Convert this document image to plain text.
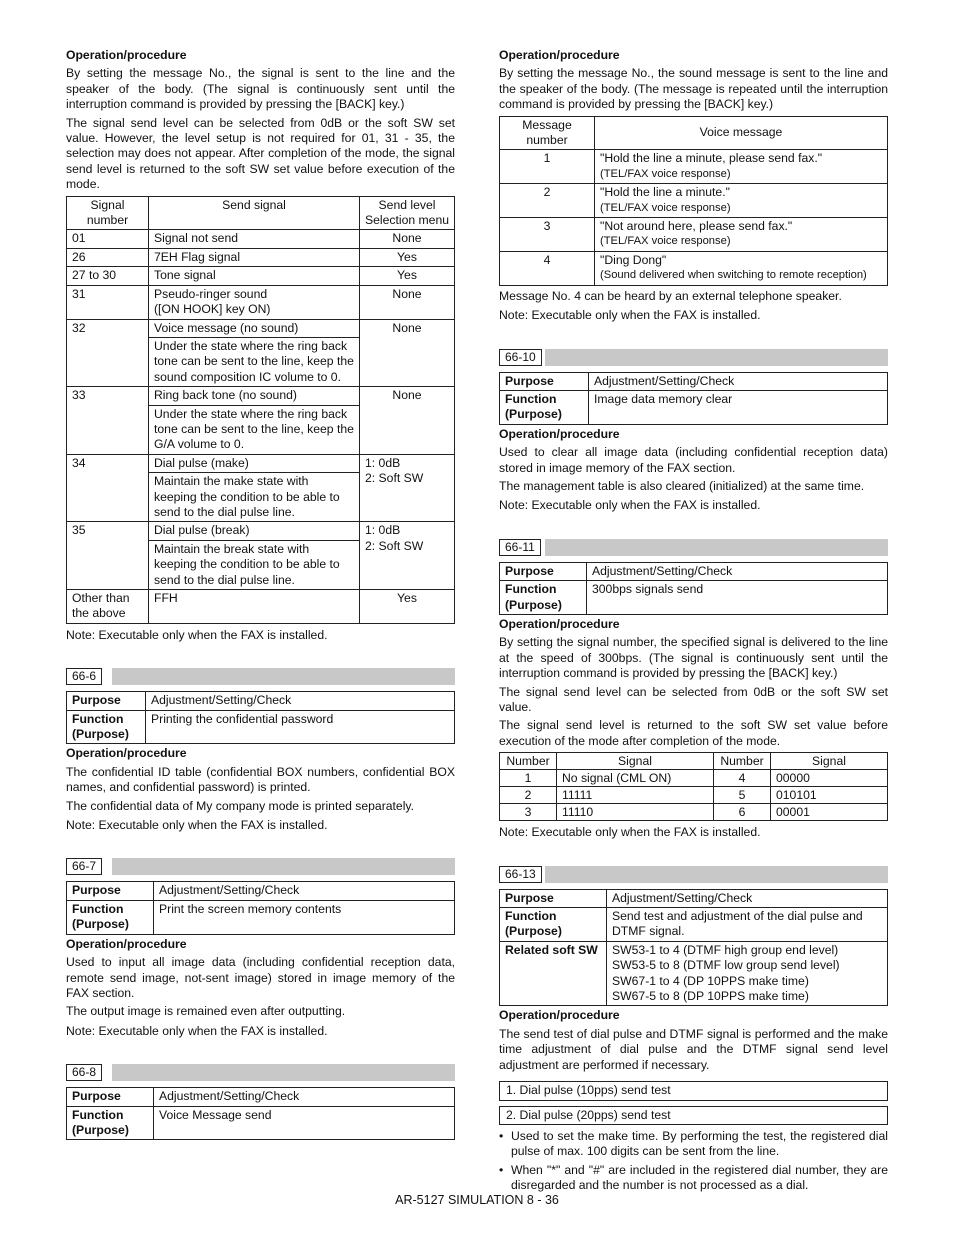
Operation/procedure

By setting the message No., the signal is sent to the line and the speaker of the body. (The signal is continuously sent until the interruption command is provided by pressing the [BACK] key.)

The signal send level can be selected from 0dB or the soft SW set value. However, the level setup is not required for 01, 31 - 35, the selection may does not appear. After completion of the mode, the signal send level is returned to the soft SW set value before execution of the mode.

Signal number	Send signal	Send level Selection menu
01	Signal not send	None
26	7EH Flag signal	Yes
27 to 30	Tone signal	Yes
31	Pseudo-ringer sound
([ON HOOK] key ON)	None
32	Voice message (no sound)	None
	Under the state where the ring back tone can be sent to the line, keep the sound composition IC volume to 0.	
33	Ring back tone (no sound)	None
	Under the state where the ring back tone can be sent to the line, keep the G/A volume to 0.	
34	Dial pulse (make)	1: 0dB
2: Soft SW

	Maintain the make state with keeping the condition to be able to send to the dial pulse line.	
35	Dial pulse (break)	1: 0dB
2: Soft SW

	Maintain the break state with keeping the condition to be able to send to the dial pulse line.	
Other than the above	FFH	Yes
Note: Executable only when the FAX is installed.
66-6
Purpose	Adjustment/Setting/Check

Function
(Purpose)	Printing the confidential password
Operation/procedure

The confidential ID table (confidential BOX numbers, confidential BOX names, and confidential password) is printed.

The confidential data of My company mode is printed separately.

Note: Executable only when the FAX is installed.
66-7
Purpose	Adjustment/Setting/Check

Function
(Purpose)	Print the screen memory contents
Operation/procedure

Used to input all image data (including confidential reception data, remote send image, not-sent image) stored in image memory of the FAX section.

The output image is remained even after outputting.

Note: Executable only when the FAX is installed.
66-8
Purpose	Adjustment/Setting/Check

Function
(Purpose)	Voice Message send
Operation/procedure

By setting the message No., the sound message is sent to the line and the speaker of the body. (The message is repeated until the interruption command is provided by pressing the [BACK] key.)

Message number	Voice message
1	"Hold the line a minute, please send fax."
(TEL/FAX voice response)

2	"Hold the line a minute."
(TEL/FAX voice response)

3	"Not around here, please send fax."
(TEL/FAX voice response)

4	"Ding Dong"
(Sound delivered when switching to remote reception)

Message No. 4 can be heard by an external telephone speaker.

Note: Executable only when the FAX is installed.
66-10
Purpose	Adjustment/Setting/Check

Function
(Purpose)	Image data memory clear
Operation/procedure

Used to clear all image data (including confidential reception data) stored in image memory of the FAX section.

The management table is also cleared (initialized) at the same time.

Note: Executable only when the FAX is installed.
66-11
Purpose	Adjustment/Setting/Check

Function
(Purpose)	300bps signals send
Operation/procedure

By setting the signal number, the specified signal is delivered to the line at the speed of 300bps. (The signal is continuously sent until the interruption command is provided by pressing the [BACK] key.)

The signal send level can be selected from 0dB or the soft SW set value.

The signal send level is returned to the soft SW set value before execution of the mode after completion of the mode.

Number	Signal	Number	Signal
1	No signal (CML ON)	4	00000
2	11111	5	010101
3	11110	6	00001
Note: Executable only when the FAX is installed.
66-13
Purpose	Adjustment/Setting/Check

Function
(Purpose)	Send test and adjustment of the dial pulse and DTMF signal.
Related soft SW	SW53-1 to 4 (DTMF high group end level)
SW53-5 to 8 (DTMF low group send level)
SW67-1 to 4 (DP 10PPS make time)
SW67-5 to 8 (DP 10PPS make time)
Operation/procedure

The send test of dial pulse and DTMF signal is performed and the make time adjustment of dial pulse and the DTMF signal send level adjustment are performed if necessary.

1. Dial pulse (10pps) send test
2. Dial pulse (20pps) send test
• Used to set the make time. By performing the test, the registered dial pulse of max. 100 digits can be sent from the line.
• When "*" and "#" are included in the registered dial number, they are disregarded and the number is not processed as a dial.
AR-5127 SIMULATION 8 - 36
